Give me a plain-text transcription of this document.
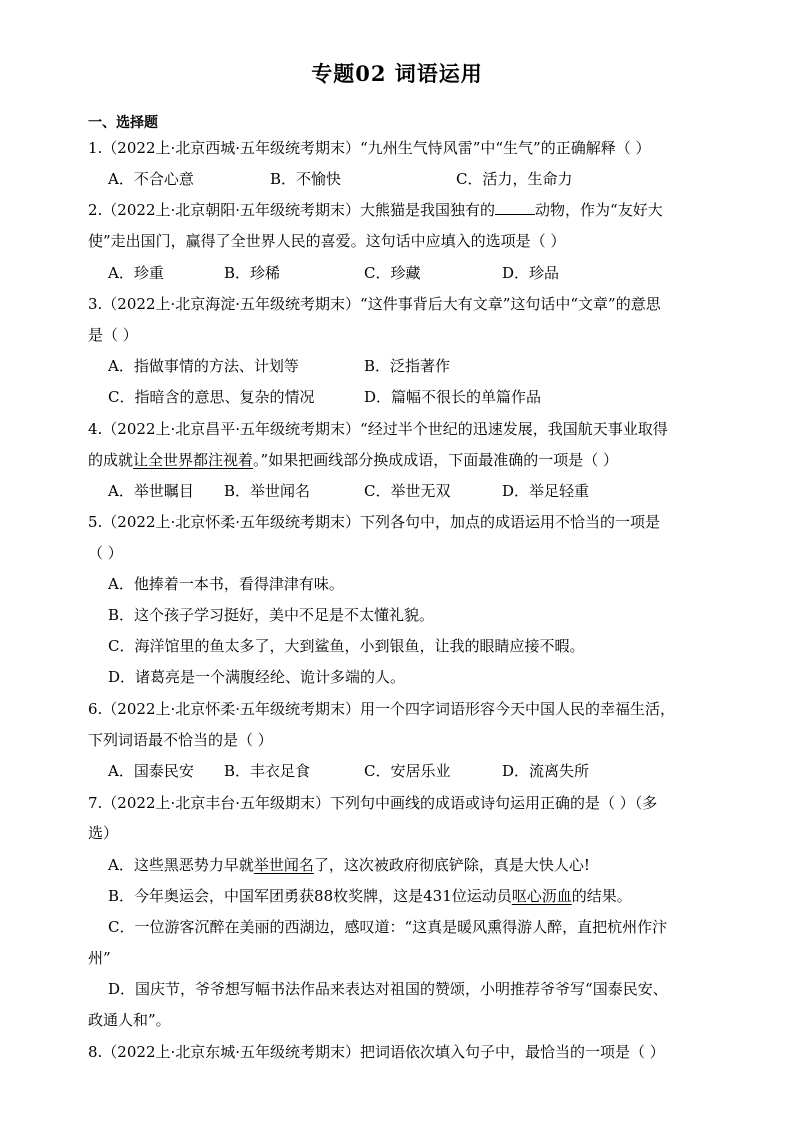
专题02 词语运用
一、选择题
1.（2022上·北京西城·五年级统考期末）“九州生气恃风雷”中“生气”的正确解释（ ）
A．不合心意	B．不愉快	C．活力，生命力
2.（2022上·北京朝阳·五年级统考期末）大熊猫是我国独有的	动物，作为“友好大
使”走出国门，赢得了全世界人民的喜爱。这句话中应填入的选项是（ ）
A．珍重	B．珍稀	C．珍藏	D．珍品
3.（2022上·北京海淀·五年级统考期末）“这件事背后大有文章”这句话中“文章”的意思
是（ ）
A．指做事情的方法、计划等	B．泛指著作
C．指暗含的意思、复杂的情况	D．篇幅不很长的单篇作品
4.（2022上·北京昌平·五年级统考期末）“经过半个世纪的迅速发展，我国航天事业取得
的成就让全世界都注视着。”如果把画线部分换成成语，下面最准确的一项是（ ）
A．举世瞩目 B．举世闻名	C．举世无双	D．举足轻重
5.（2022上·北京怀柔·五年级统考期末）下列各句中，加点的成语运用不恰当的一项是
（ ）
A．他捧着一本书，看得津津有味。
B．这个孩子学习挺好，美中不足是不太懂礼貌。
C．海洋馆里的鱼太多了，大到鲨鱼，小到银鱼，让我的眼睛应接不暇。
D．诸葛亮是一个满腹经纶、诡计多端的人。
6.（2022上·北京怀柔·五年级统考期末）用一个四字词语形容今天中国人民的幸福生活，
下列词语最不恰当的是（ ）
A．国泰民安 B．丰衣足食	C．安居乐业	D．流离失所
7.（2022上·北京丰台·五年级期末）下列句中画线的成语或诗句运用正确的是（ ）（多
选）
A．这些黑恶势力早就举世闻名了，这次被政府彻底铲除，真是大快人心!
B．今年奥运会，中国军团勇获88枚奖牌，这是431位运动员呕心沥血的结果。
C．一位游客沉醉在美丽的西湖边，感叹道：“这真是暖风熏得游人醉，直把杭州作汴
州”
D．国庆节，爷爷想写幅书法作品来表达对祖国的赞颂，小明推荐爷爷写“国泰民安、
政通人和”。
8.（2022上·北京东城·五年级统考期末）把词语依次填入句子中，最恰当的一项是（ ）
